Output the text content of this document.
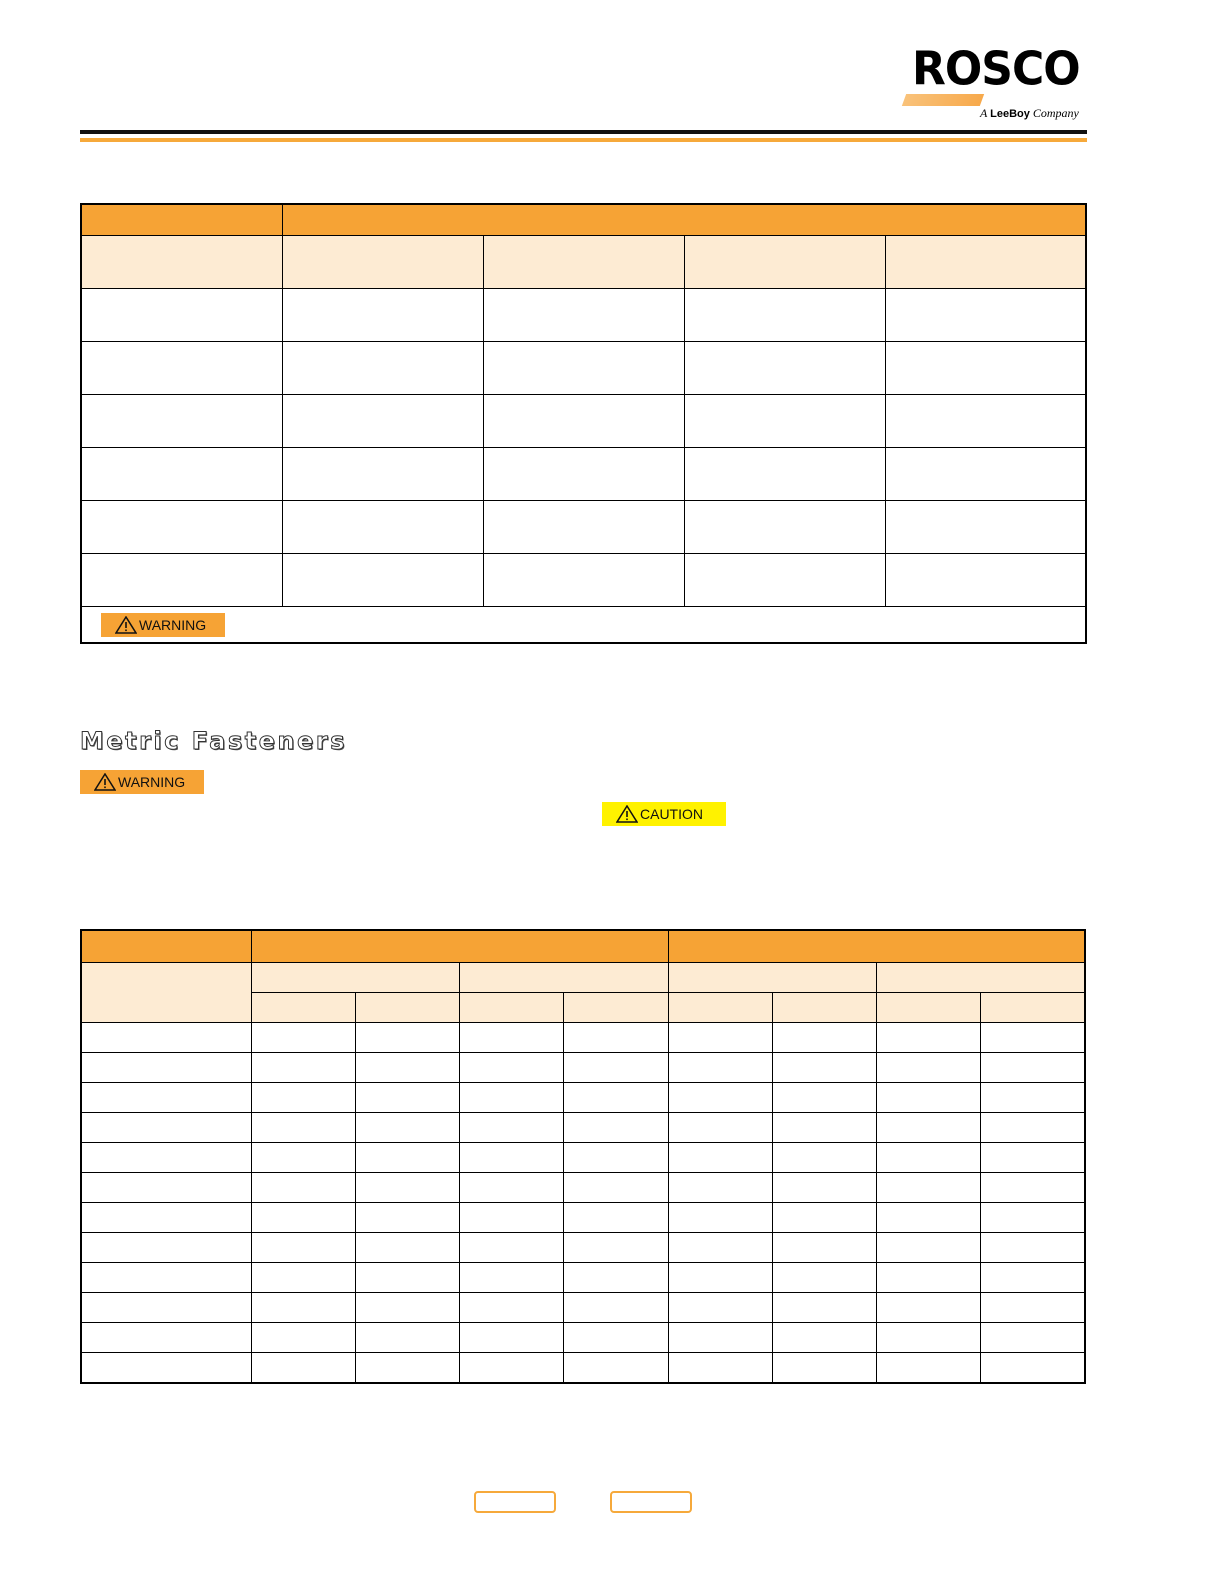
ROSCO
A LeeBoy Company

WARNING				
Metric Fasteners
WARNING
CAUTION
